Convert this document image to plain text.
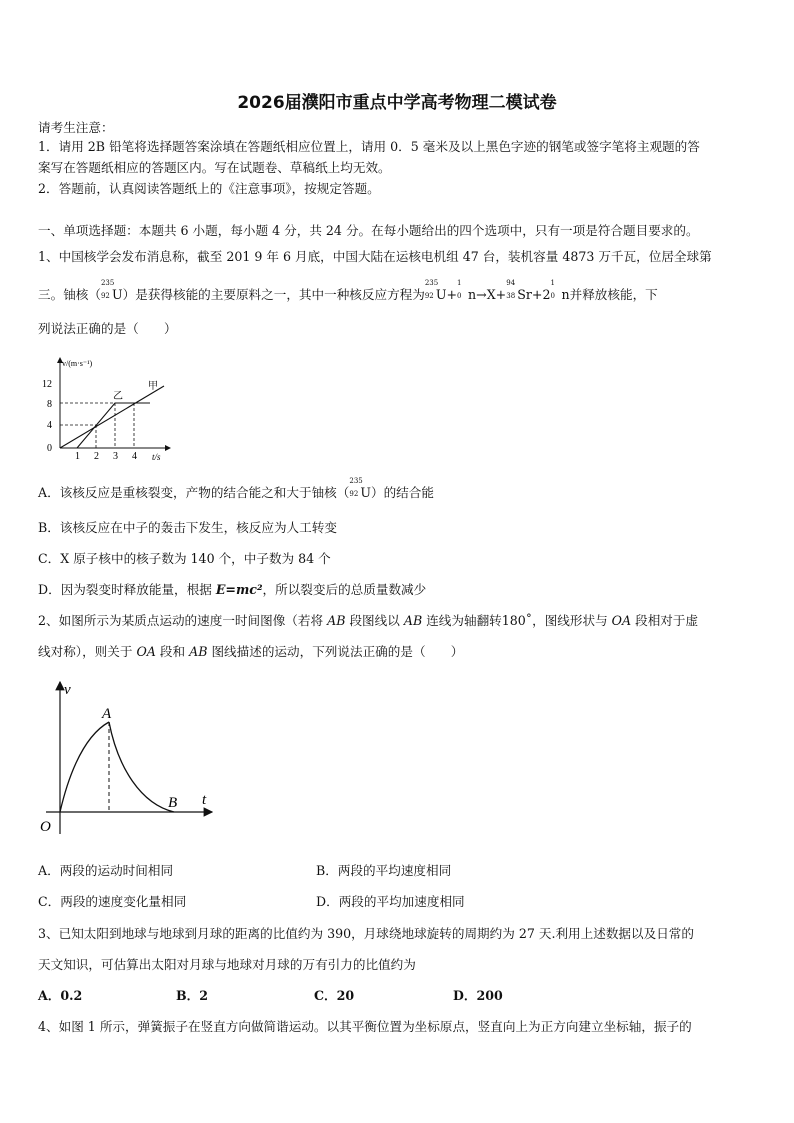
2026届濮阳市重点中学高考物理二模试卷
请考生注意：
1．请用 2B 铅笔将选择题答案涂填在答题纸相应位置上，请用 0．5 毫米及以上黑色字迹的钢笔或签字笔将主观题的答
案写在答题纸相应的答题区内。写在试题卷、草稿纸上均无效。
2．答题前，认真阅读答题纸上的《注意事项》，按规定答题。
一、单项选择题：本题共 6 小题，每小题 4 分，共 24 分。在每小题给出的四个选项中，只有一项是符合题目要求的。
1、中国核学会发布消息称，截至 201 9 年 6 月底，中国大陆在运核电机组 47 台，装机容量 4873 万千瓦，位居全球第
三。铀核（
235
92 U）是获得核能的主要原料之一，其中一种核反应方程为
235
92 U+
1
0 n→X+
94
38 Sr+2
1
0 n并释放核能，下
列说法正确的是（　　）
v/(m·s⁻¹)
t/s
12
8
4
0
1 2 3 4
甲
乙
A．该核反应是重核裂变，产物的结合能之和大于铀核（
235
92 U）的结合能
B．该核反应在中子的轰击下发生，核反应为人工转变
C．X 原子核中的核子数为 140 个，中子数为 84 个
D．因为裂变时释放能量，根据 E=mc²，所以裂变后的总质量数减少
2、如图所示为某质点运动的速度一时间图像（若将 AB 段图线以 AB 连线为轴翻转180˚，图线形状与 OA 段相对于虚
线对称），则关于 OA 段和 AB 图线描述的运动，下列说法正确的是（　　）
v
t
A
B
O
A．两段的运动时间相同	B．两段的平均速度相同
C．两段的速度变化量相同	D．两段的平均加速度相同
3、已知太阳到地球与地球到月球的距离的比值约为 390，月球绕地球旋转的周期约为 27 天.利用上述数据以及日常的
天文知识，可估算出太阳对月球与地球对月球的万有引力的比值约为
A．0.2	B．2	C．20	D．200
4、如图 1 所示，弹簧振子在竖直方向做简谐运动。以其平衡位置为坐标原点，竖直向上为正方向建立坐标轴，振子的
